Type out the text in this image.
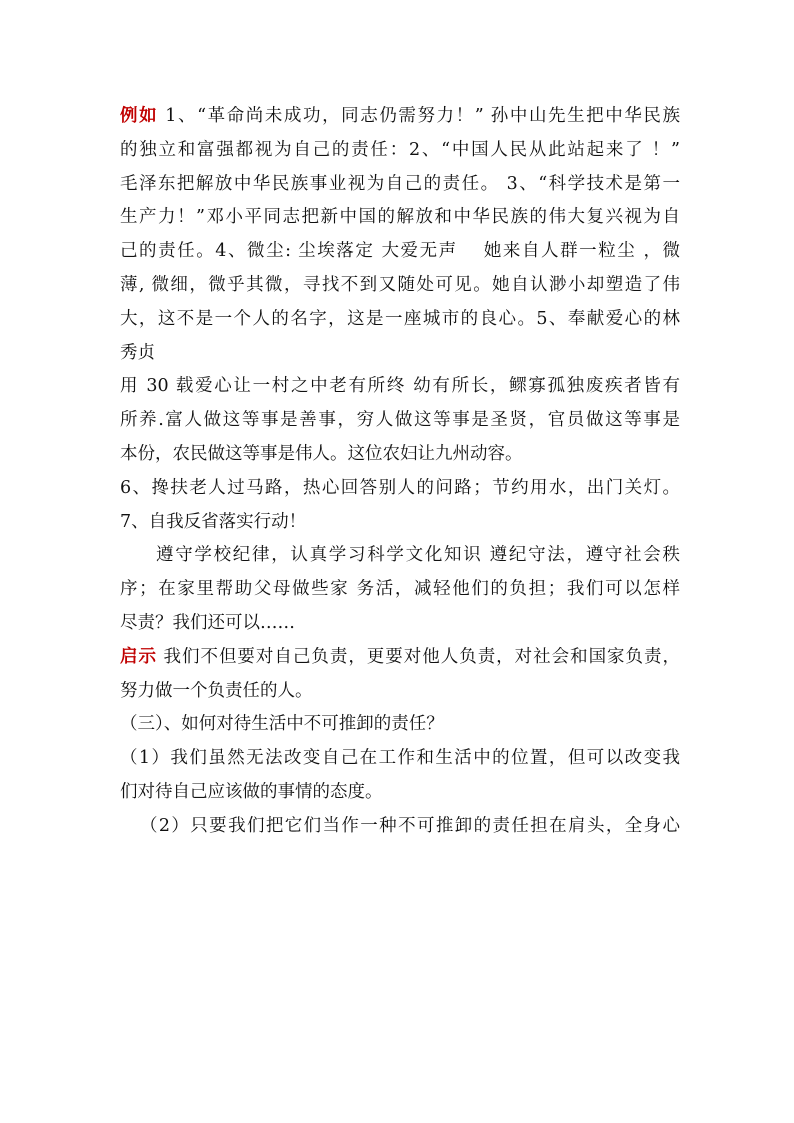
例如 1、“革命尚未成功，同志仍需努力！” 孙中山先生把中华民族
的独立和富强都视为自己的责任：2、“中国人民从此站起来了 ！”
毛泽东把解放中华民族事业视为自己的责任。 3、“科学技术是第一
生产力！”邓小平同志把新中国的解放和中华民族的伟大复兴视为自
己的责任。4、微尘: 尘埃落定 大爱无声 　她来自人群一粒尘 ，微
薄, 微细，微乎其微，寻找不到又随处可见。她自认渺小却塑造了伟
大，这不是一个人的名字，这是一座城市的良心。5、奉献爱心的林
秀贞
用 30 载爱心让一村之中老有所终 幼有所长，鳏寡孤独废疾者皆有
所养.富人做这等事是善事，穷人做这等事是圣贤，官员做这等事是
本份，农民做这等事是伟人。这位农妇让九州动容。
6、搀扶老人过马路，热心回答别人的问路；节约用水，出门关灯。
7、自我反省落实行动！
遵守学校纪律，认真学习科学文化知识 遵纪守法，遵守社会秩
序；在家里帮助父母做些家 务活，减轻他们的负担；我们可以怎样
尽责？我们还可以……
启示 我们不但要对自己负责，更要对他人负责，对社会和国家负责，
努力做一个负责任的人。
（三）、如何对待生活中不可推卸的责任？
（1）我们虽然无法改变自己在工作和生活中的位置，但可以改变我
们对待自己应该做的事情的态度。
（2）只要我们把它们当作一种不可推卸的责任担在肩头，全身心
